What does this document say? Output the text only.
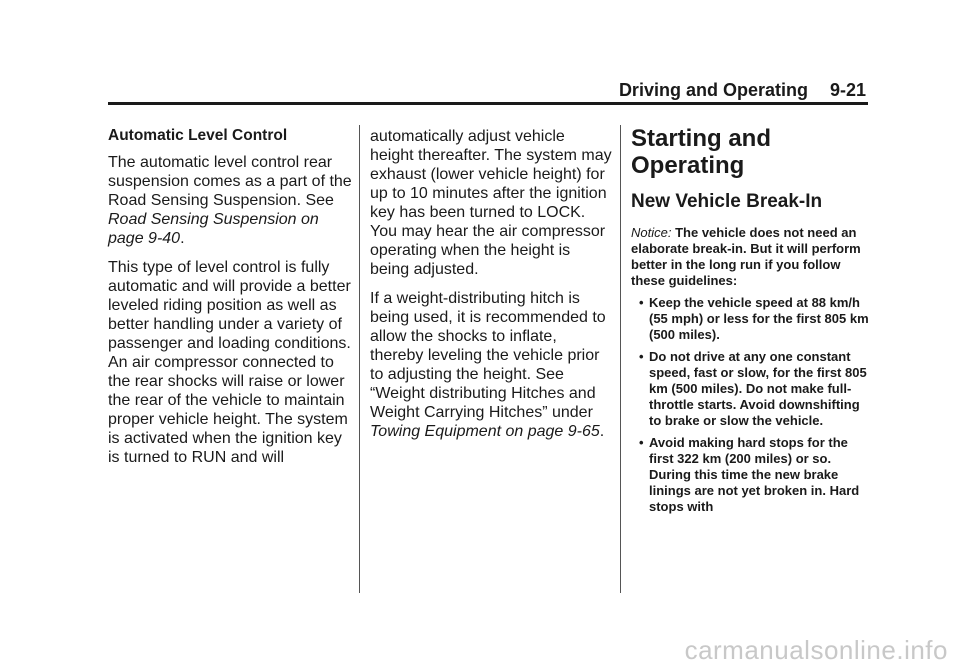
Driving and Operating 9-21
Automatic Level Control

The automatic level control rear suspension comes as a part of the Road Sensing Suspension. See Road Sensing Suspension on page 9-40.

This type of level control is fully automatic and will provide a better leveled riding position as well as better handling under a variety of passenger and loading conditions. An air compressor connected to the rear shocks will raise or lower the rear of the vehicle to maintain proper vehicle height. The system is activated when the ignition key is turned to RUN and will

automatically adjust vehicle height thereafter. The system may exhaust (lower vehicle height) for up to 10 minutes after the ignition key has been turned to LOCK. You may hear the air compressor operating when the height is being adjusted.

If a weight-distributing hitch is being used, it is recommended to allow the shocks to inflate, thereby leveling the vehicle prior to adjusting the height. See “Weight distributing Hitches and Weight Carrying Hitches” under Towing Equipment on page 9-65.

Starting and Operating
New Vehicle Break-In
Notice: The vehicle does not need an elaborate break-in. But it will perform better in the long run if you follow these guidelines:
• Keep the vehicle speed at 88 km/h (55 mph) or less for the first 805 km (500 miles).
• Do not drive at any one constant speed, fast or slow, for the first 805 km (500 miles). Do not make full-throttle starts. Avoid downshifting to brake or slow the vehicle.
• Avoid making hard stops for the first 322 km (200 miles) or so. During this time the new brake linings are not yet broken in. Hard stops with
carmanualsonline.info
